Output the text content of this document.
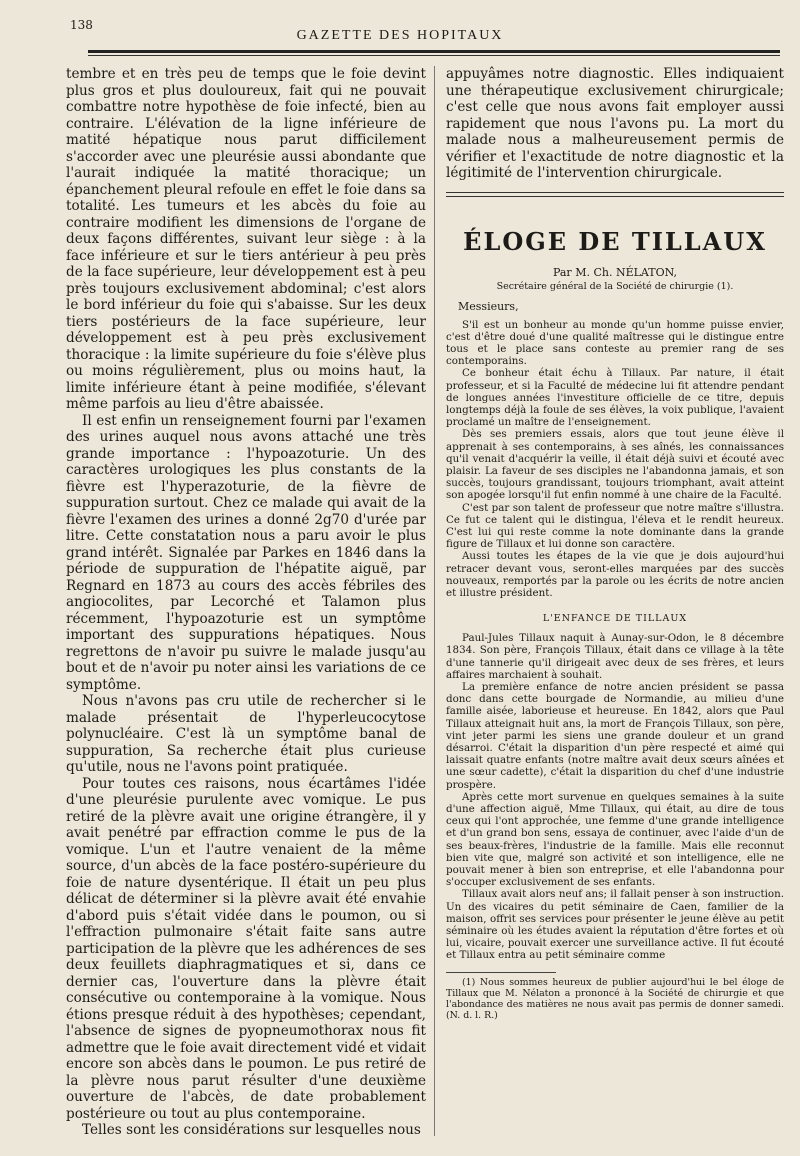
138
GAZETTE DES HOPITAUX

tembre et en très peu de temps que le foie devint plus gros et plus douloureux, fait qui ne pouvait combattre notre hypothèse de foie infecté, bien au contraire. L'élévation de la ligne inférieure de matité hépatique nous parut difficilement s'accorder avec une pleurésie aussi abondante que l'aurait indiquée la matité thoracique; un épanchement pleural refoule en effet le foie dans sa totalité. Les tumeurs et les abcès du foie au contraire modifient les dimensions de l'organe de deux façons différentes, suivant leur siège : à la face inférieure et sur le tiers antérieur à peu près de la face supérieure, leur développement est à peu près toujours exclusivement abdominal; c'est alors le bord inférieur du foie qui s'abaisse. Sur les deux tiers postérieurs de la face supérieure, leur développement est à peu près exclusivement thoracique : la limite supérieure du foie s'élève plus ou moins régulièrement, plus ou moins haut, la limite inférieure étant à peine modifiée, s'élevant même parfois au lieu d'être abaissée.

Il est enfin un renseignement fourni par l'examen des urines auquel nous avons attaché une très grande importance : l'hypoazoturie. Un des caractères urologiques les plus constants de la fièvre est l'hyperazoturie, de la fièvre de suppuration surtout. Chez ce malade qui avait de la fièvre l'examen des urines a donné 2g70 d'urée par litre. Cette constatation nous a paru avoir le plus grand intérêt. Signalée par Parkes en 1846 dans la période de suppuration de l'hépatite aiguë, par Regnard en 1873 au cours des accès fébriles des angiocolites, par Lecorché et Talamon plus récemment, l'hypoazoturie est un symptôme important des suppurations hépatiques. Nous regrettons de n'avoir pu suivre le malade jusqu'au bout et de n'avoir pu noter ainsi les variations de ce symptôme.

Nous n'avons pas cru utile de rechercher si le malade présentait de l'hyperleucocytose polynucléaire. C'est là un symptôme banal de suppuration, Sa recherche était plus curieuse qu'utile, nous ne l'avons point pratiquée.

Pour toutes ces raisons, nous écartâmes l'idée d'une pleurésie purulente avec vomique. Le pus retiré de la plèvre avait une origine étrangère, il y avait penétré par effraction comme le pus de la vomique. L'un et l'autre venaient de la même source, d'un abcès de la face postéro-supérieure du foie de nature dysentérique. Il était un peu plus délicat de déterminer si la plèvre avait été envahie d'abord puis s'était vidée dans le poumon, ou si l'effraction pulmonaire s'était faite sans autre participation de la plèvre que les adhérences de ses deux feuillets diaphragmatiques et si, dans ce dernier cas, l'ouverture dans la plèvre était consécutive ou contemporaine à la vomique. Nous étions presque réduit à des hypothèses; cependant, l'absence de signes de pyopneumothorax nous fit admettre que le foie avait directement vidé et vidait encore son abcès dans le poumon. Le pus retiré de la plèvre nous parut résulter d'une deuxième ouverture de l'abcès, de date probablement postérieure ou tout au plus contemporaine.

Telles sont les considérations sur lesquelles nous

appuyâmes notre diagnostic. Elles indiquaient une thérapeutique exclusivement chirurgicale; c'est celle que nous avons fait employer aussi rapidement que nous l'avons pu. La mort du malade nous a malheureusement permis de vérifier et l'exactitude de notre diagnostic et la légitimité de l'intervention chirurgicale.

ÉLOGE DE TILLAUX
Par M. Ch. NÉLATON,
Secrétaire général de la Société de chirurgie (1).
Messieurs,

S'il est un bonheur au monde qu'un homme puisse envier, c'est d'être doué d'une qualité maîtresse qui le distingue entre tous et le place sans conteste au premier rang de ses contemporains.

Ce bonheur était échu à Tillaux. Par nature, il était professeur, et si la Faculté de médecine lui fit attendre pendant de longues années l'investiture officielle de ce titre, depuis longtemps déjà la foule de ses élèves, la voix publique, l'avaient proclamé un maître de l'enseignement.

Dès ses premiers essais, alors que tout jeune élève il apprenait à ses contemporains, à ses aînés, les connaissances qu'il venait d'acquérir la veille, il était déjà suivi et écouté avec plaisir. La faveur de ses disciples ne l'abandonna jamais, et son succès, toujours grandissant, toujours triomphant, avait atteint son apogée lorsqu'il fut enfin nommé à une chaire de la Faculté.

C'est par son talent de professeur que notre maître s'illustra. Ce fut ce talent qui le distingua, l'éleva et le rendit heureux. C'est lui qui reste comme la note dominante dans la grande figure de Tillaux et lui donne son caractère.

Aussi toutes les étapes de la vie que je dois aujourd'hui retracer devant vous, seront-elles marquées par des succès nouveaux, remportés par la parole ou les écrits de notre ancien et illustre président.

L'ENFANCE DE TILLAUX

Paul-Jules Tillaux naquit à Aunay-sur-Odon, le 8 décembre 1834. Son père, François Tillaux, était dans ce village à la tête d'une tannerie qu'il dirigeait avec deux de ses frères, et leurs affaires marchaient à souhait.

La première enfance de notre ancien président se passa donc dans cette bourgade de Normandie, au milieu d'une famille aisée, laborieuse et heureuse. En 1842, alors que Paul Tillaux atteignait huit ans, la mort de François Tillaux, son père, vint jeter parmi les siens une grande douleur et un grand désarroi. C'était la disparition d'un père respecté et aimé qui laissait quatre enfants (notre maître avait deux sœurs aînées et une sœur cadette), c'était la disparition du chef d'une industrie prospère.

Après cette mort survenue en quelques semaines à la suite d'une affection aiguë, Mme Tillaux, qui était, au dire de tous ceux qui l'ont approchée, une femme d'une grande intelligence et d'un grand bon sens, essaya de continuer, avec l'aide d'un de ses beaux-frères, l'industrie de la famille. Mais elle reconnut bien vite que, malgré son activité et son intelligence, elle ne pouvait mener à bien son entreprise, et elle l'abandonna pour s'occuper exclusivement de ses enfants.

Tillaux avait alors neuf ans; il fallait penser à son instruction. Un des vicaires du petit séminaire de Caen, familier de la maison, offrit ses services pour présenter le jeune élève au petit séminaire où les études avaient la réputation d'être fortes et où lui, vicaire, pouvait exercer une surveillance active. Il fut écouté et Tillaux entra au petit séminaire comme

(1) Nous sommes heureux de publier aujourd'hui le bel éloge de Tillaux que M. Nélaton a prononcé à la Société de chirurgie et que l'abondance des matières ne nous avait pas permis de donner samedi. (N. d. l. R.)
